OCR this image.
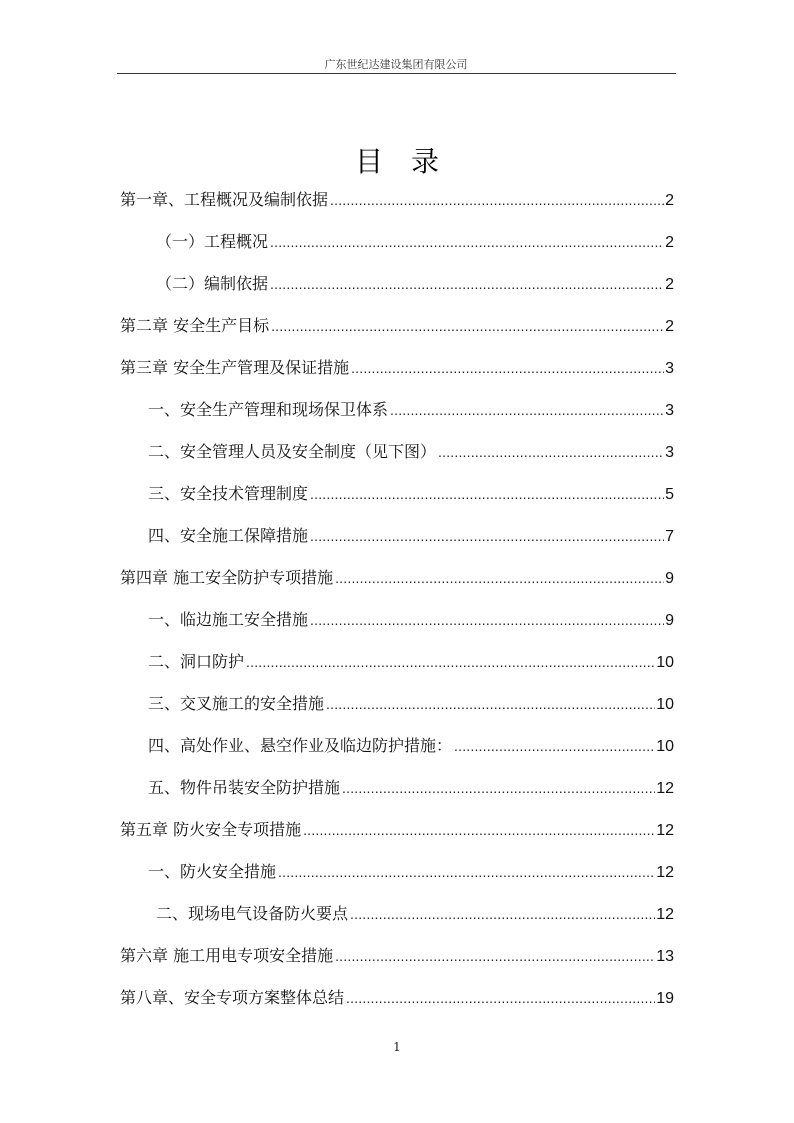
广东世纪达建设集团有限公司
目　录
第一章、工程概况及编制依据 .....	2
（一）工程概况 .....	2
（二）编制依据 .....	2
第二章 安全生产目标 .....	2
第三章 安全生产管理及保证措施 .....	3
一、安全生产管理和现场保卫体系 .....	3
二、安全管理人员及安全制度（见下图） .....	3
三、安全技术管理制度 .....	5
四、安全施工保障措施 .....	7
第四章 施工安全防护专项措施 .....	9
一、临边施工安全措施 .....	9
二、洞口防护 .....	10
三、交叉施工的安全措施 .....	10
四、高处作业、悬空作业及临边防护措施： .....	10
五、物件吊装安全防护措施 .....	12
第五章 防火安全专项措施 .....	12
一、防火安全措施 .....	12
二、现场电气设备防火要点 .....	12
第六章 施工用电专项安全措施 .....	13
第八章、安全专项方案整体总结 .....	19
1
